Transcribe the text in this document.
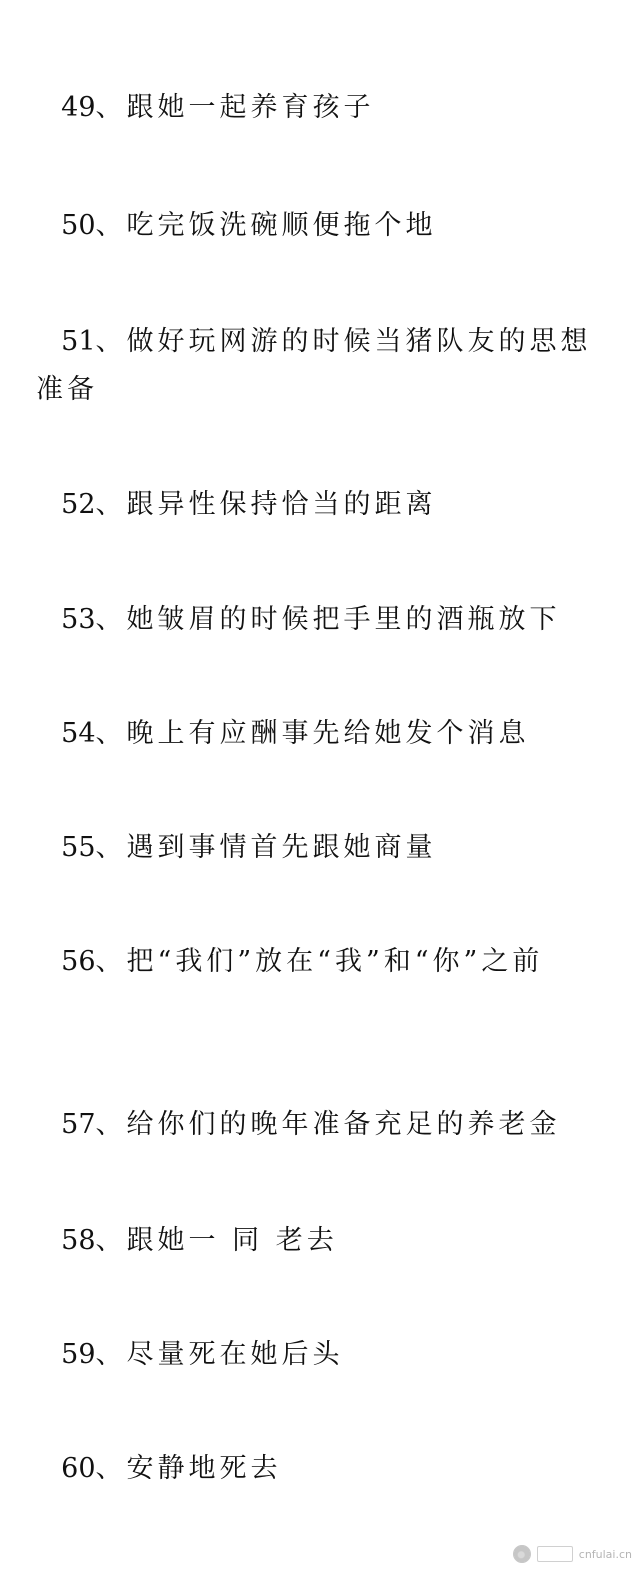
49、跟她一起养育孩子

50、吃完饭洗碗顺便拖个地

51、做好玩网游的时候当猪队友的思想准备

52、跟异性保持恰当的距离

53、她皱眉的时候把手里的酒瓶放下

54、晚上有应酬事先给她发个消息

55、遇到事情首先跟她商量

56、把“我们”放在“我”和“你”之前

57、给你们的晚年准备充足的养老金

58、跟她一 同 老去

59、尽量死在她后头

60、安静地死去

cnfulai.cn
